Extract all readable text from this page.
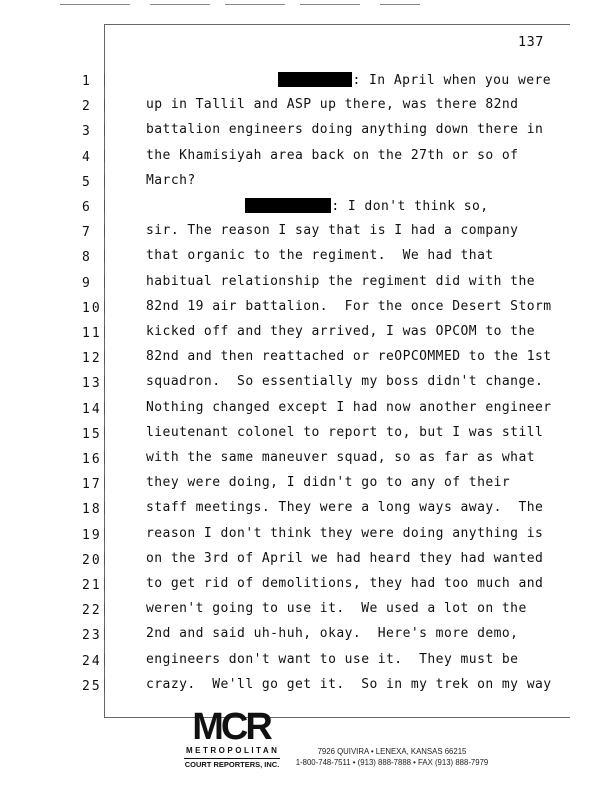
137
1
2
3
4
5
6
7
8
9
10
11
12
13
14
15
16
17
18
19
20
21
22
23
24
25
: In April when you were
up in Tallil and ASP up there, was there 82nd
battalion engineers doing anything down there in
the Khamisiyah area back on the 27th or so of
March?
: I don't think so,
sir. The reason I say that is I had a company
that organic to the regiment.  We had that
habitual relationship the regiment did with the
82nd 19 air battalion.  For the once Desert Storm
kicked off and they arrived, I was OPCOM to the
82nd and then reattached or reOPCOMMED to the 1st
squadron.  So essentially my boss didn't change.
Nothing changed except I had now another engineer
lieutenant colonel to report to, but I was still
with the same maneuver squad, so as far as what
they were doing, I didn't go to any of their
staff meetings. They were a long ways away.  The
reason I don't think they were doing anything is
on the 3rd of April we had heard they had wanted
to get rid of demolitions, they had too much and
weren't going to use it.  We used a lot on the
2nd and said uh-huh, okay.  Here's more demo,
engineers don't want to use it.  They must be
crazy.  We'll go get it.  So in my trek on my way
MCR
METROPOLITAN
COURT REPORTERS, INC.
7926 QUIVIRA • LENEXA, KANSAS 66215
1-800-748-7511 • (913) 888-7888 • FAX (913) 888-7979
